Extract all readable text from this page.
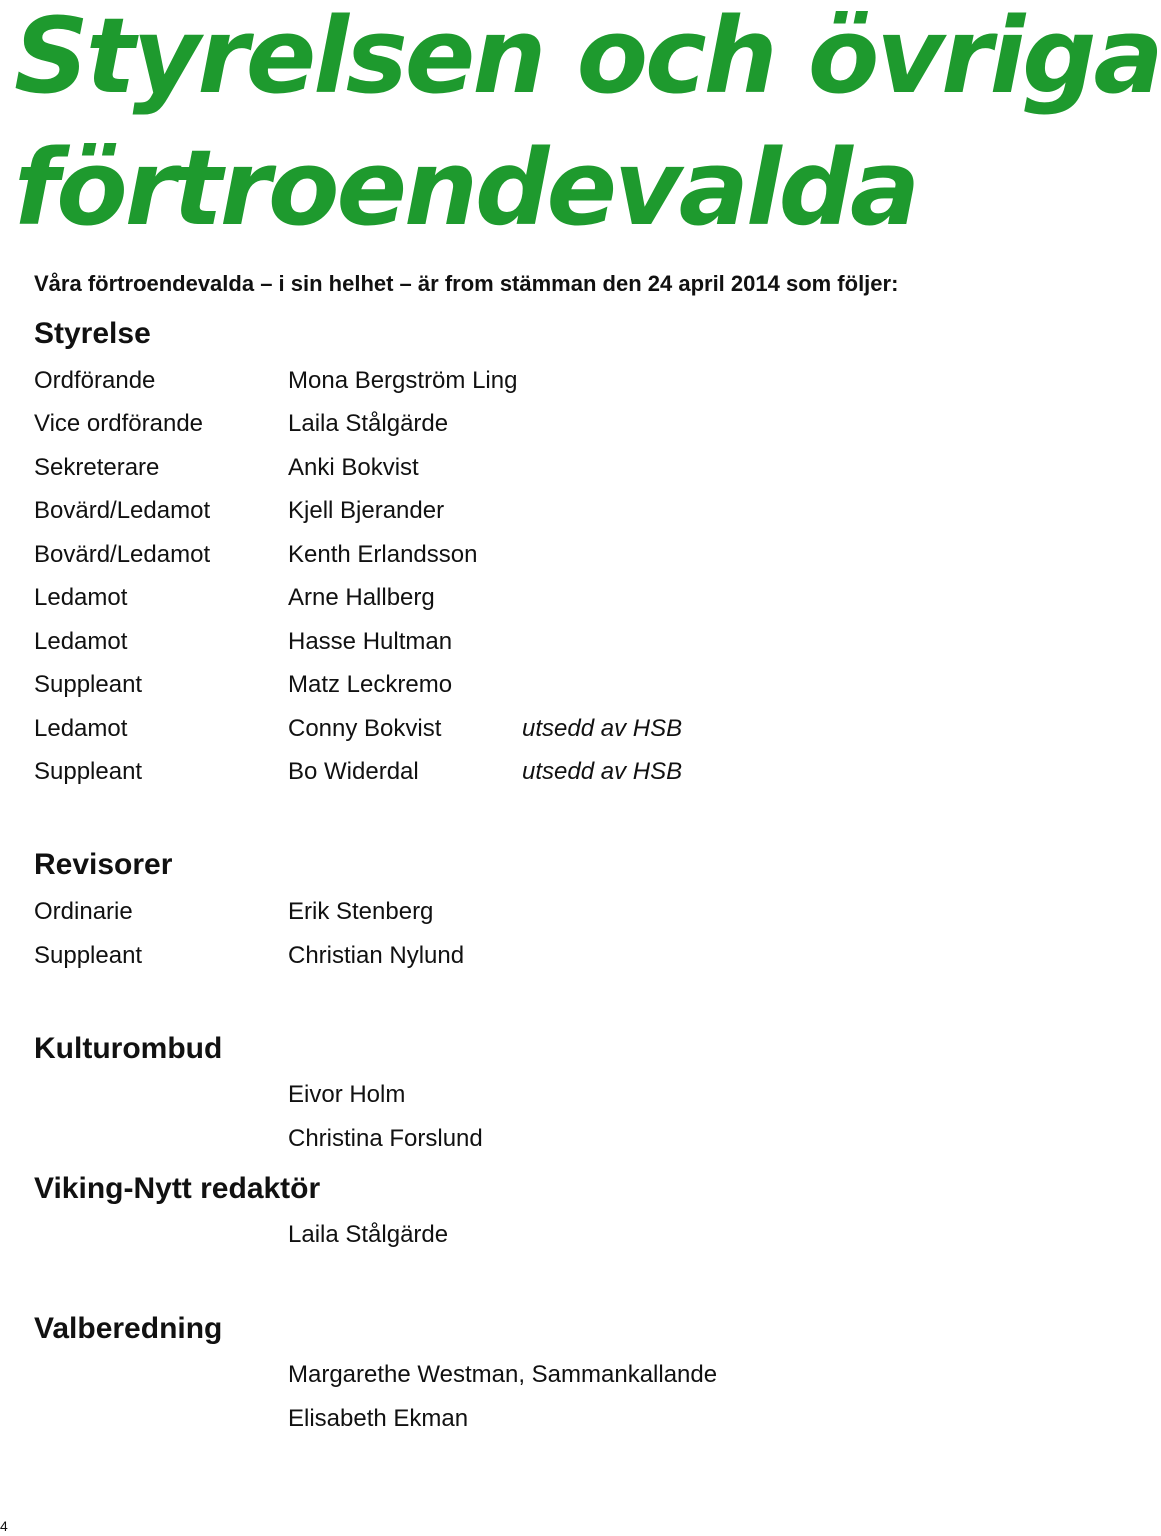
Styrelsen och övriga
förtroendevalda

Våra förtroendevalda – i sin helhet – är from stämman den 24 april 2014 som följer:

Styrelse
Ordförande	Mona Bergström Ling
Vice ordförande	Laila Stålgärde
Sekreterare	Anki Bokvist
Bovärd/Ledamot	Kjell Bjerander
Bovärd/Ledamot	Kenth Erlandsson
Ledamot	Arne Hallberg
Ledamot	Hasse Hultman
Suppleant	Matz Leckremo
Ledamot	Conny Bokvist	utsedd av HSB
Suppleant	Bo Widerdal	utsedd av HSB
Revisorer
Ordinarie	Erik Stenberg
Suppleant	Christian Nylund
Kulturombud
Eivor Holm
Christina Forslund
Viking-Nytt redaktör
Laila Stålgärde
Valberedning
Margarethe Westman, Sammankallande
Elisabeth Ekman
4
